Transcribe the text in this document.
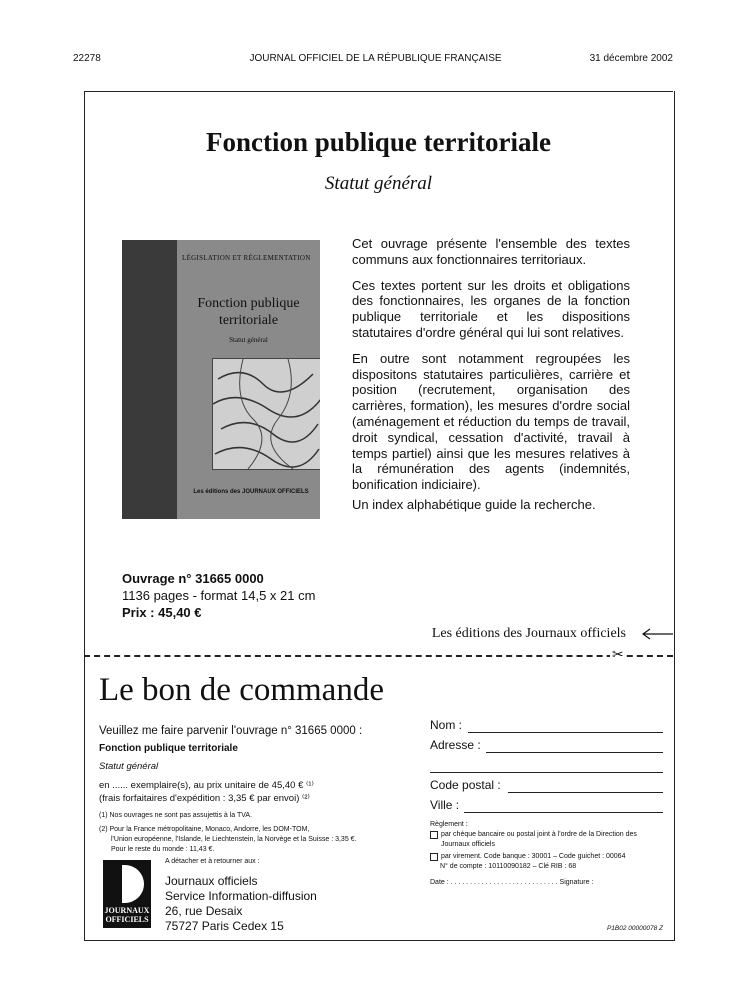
22278	JOURNAL OFFICIEL DE LA RÉPUBLIQUE FRANÇAISE	31 décembre 2002
Fonction publique territoriale
Statut général
LÉGISLATION ET RÉGLEMENTATION
Fonction publique territoriale
Statut général
Les éditions des JOURNAUX OFFICIELS

Cet ouvrage présente l'ensemble des textes communs aux fonctionnaires territoriaux.

Ces textes portent sur les droits et obligations des fonctionnaires, les organes de la fonction publique territoriale et les dispositions statutaires d'ordre général qui lui sont relatives.

En outre sont notamment regroupées les dispositons statutaires particulières, carrière et position (recrutement, organisation des carrières, formation), les mesures d'ordre social (aménagement et réduction du temps de travail, droit syndical, cessation d'activité, travail à temps partiel) ainsi que les mesures relatives à la rémunération des agents (indemnités, bonification indiciaire).

Un index alphabétique guide la recherche.

Ouvrage n° 31665 0000
1136 pages - format 14,5 x 21 cm
Prix : 45,40 €
Les éditions des Journaux officiels
✂
Le bon de commande
Veuillez me faire parvenir l'ouvrage n° 31665 0000 :
Fonction publique territoriale
Statut général
en ...... exemplaire(s), au prix unitaire de 45,40 € ⁽¹⁾
(frais forfaitaires d'expédition : 3,35 € par envoi) ⁽²⁾
(1) Nos ouvrages ne sont pas assujettis à la TVA.
(2) Pour la France métropolitaine, Monaco, Andorre, les DOM-TOM,
l'Union européenne, l'Islande, le Liechtenstein, la Norvège et la Suisse : 3,35 €.
Pour le reste du monde : 11,43 €.
Nom :
Adresse :
Code postal :
Ville :
Règlement :
par chèque bancaire ou postal joint à l'ordre de la Direction des Journaux officiels
par virement. Code banque : 30001 – Code guichet : 00064
N° de compte : 10110090182 – Clé RIB : 68
Date : . . . . . . . . . . . . . . . . . . . . . . . . . . . . Signature :
A détacher et à retourner aux :
JOURNAUX
OFFICIELS
Journaux officiels
Service Information-diffusion
26, rue Desaix
75727 Paris Cedex 15	P1B02 00000078 Z
